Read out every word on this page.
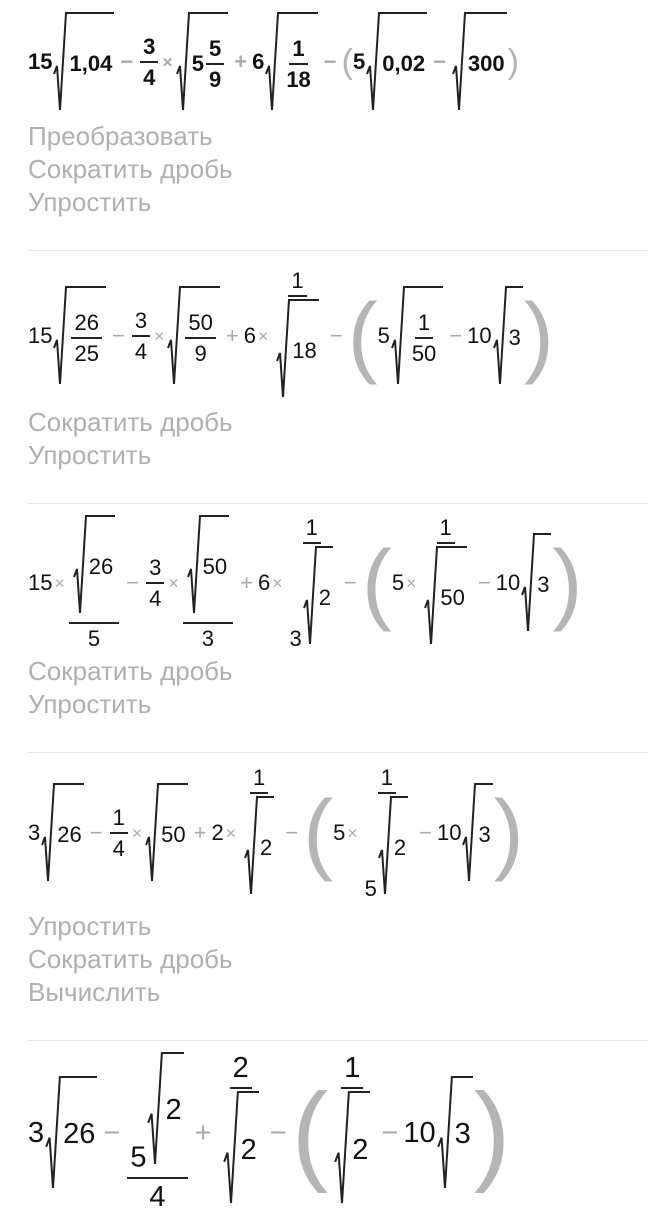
15 $1,04 - \frac{3}{4} \times 5 \frac{5}{9} + 6 \frac{1}{18}$ − ( 5 0,02 − 300 )
Преобразовать
Сократить дробь
Упростить
$15 \frac{26}{25} - \frac{3}{4} \times \frac{50}{9} + 6 \times \frac{1}{18}$ − ( $5 \frac{1}{50} - 10$ 3 )
Сократить дробь
Упростить
$15 \times \frac{26}{5} - \frac{3}{4} \times \frac{50}{3} + 6 \times 1$
3
2 − ( $5 \times \frac{1}{50} - 10$ 3 )
Сократить дробь
Упростить
3 $26 - \frac{1}{4} \times 50 + 2 \times \frac{1}{2}$ − ( 5 × 1
5
2 − 10 3 )
Упростить
Сократить дробь
Вычислить
3 26 − 5
2
$4 + \frac{2}{2}$ − ( $\frac{1}{2} - 10$ 3 )
